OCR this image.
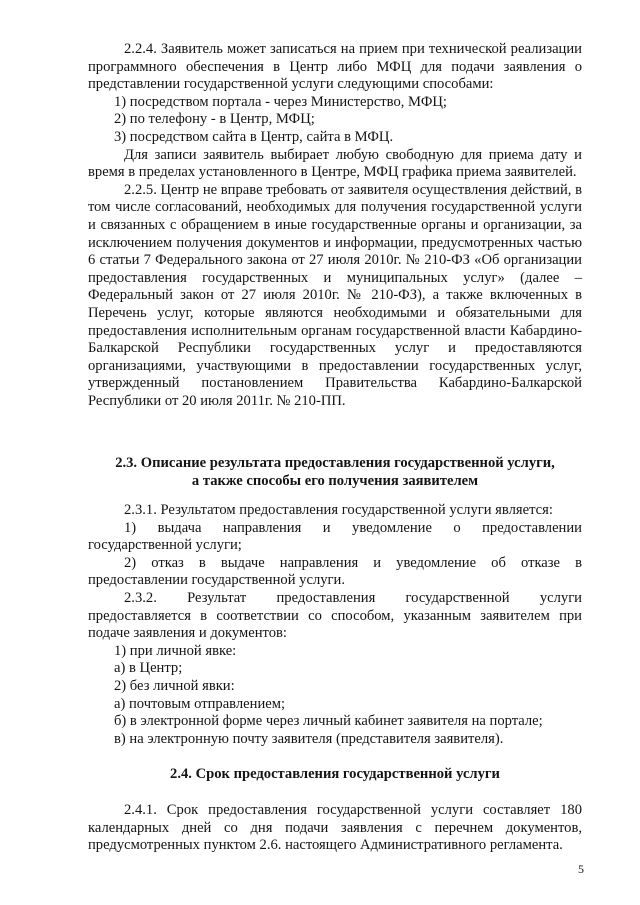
2.2.4. Заявитель может записаться на прием при технической реализации программного обеспечения в Центр либо МФЦ для подачи заявления о представлении государственной услуги следующими способами:

1) посредством портала - через Министерство, МФЦ;

2) по телефону - в Центр, МФЦ;

3) посредством сайта в Центр, сайта в МФЦ.

Для записи заявитель выбирает любую свободную для приема дату и время в пределах установленного в Центре, МФЦ графика приема заявителей.

2.2.5. Центр не вправе требовать от заявителя осуществления действий, в том числе согласований, необходимых для получения государственной услуги и связанных с обращением в иные государственные органы и организации, за исключением получения документов и информации, предусмотренных частью 6 статьи 7 Федерального закона от 27 июля 2010г. № 210-ФЗ «Об организации предоставления государственных и муниципальных услуг» (далее – Федеральный закон от 27 июля 2010г. № 210-ФЗ), а также включенных в Перечень услуг, которые являются необходимыми и обязательными для предоставления исполнительным органам государственной власти Кабардино-Балкарской Республики государственных услуг и предоставляются организациями, участвующими в предоставлении государственных услуг, утвержденный постановлением Правительства Кабардино-Балкарской Республики от 20 июля 2011г. № 210-ПП.

2.3. Описание результата предоставления государственной услуги,
а также способы его получения заявителем

2.3.1. Результатом предоставления государственной услуги является:

1) выдача направления и уведомление о предоставлении государственной услуги;

2) отказ в выдаче направления и уведомление об отказе в предоставлении государственной услуги.

2.3.2. Результат предоставления государственной услуги предоставляется в соответствии со способом, указанным заявителем при подаче заявления и документов:

1) при личной явке:

а) в Центр;

2) без личной явки:

а) почтовым отправлением;

б) в электронной форме через личный кабинет заявителя на портале;

в) на электронную почту заявителя (представителя заявителя).

2.4. Срок предоставления государственной услуги

2.4.1. Срок предоставления государственной услуги составляет 180 календарных дней со дня подачи заявления с перечнем документов, предусмотренных пунктом 2.6. настоящего Административного регламента.

5
